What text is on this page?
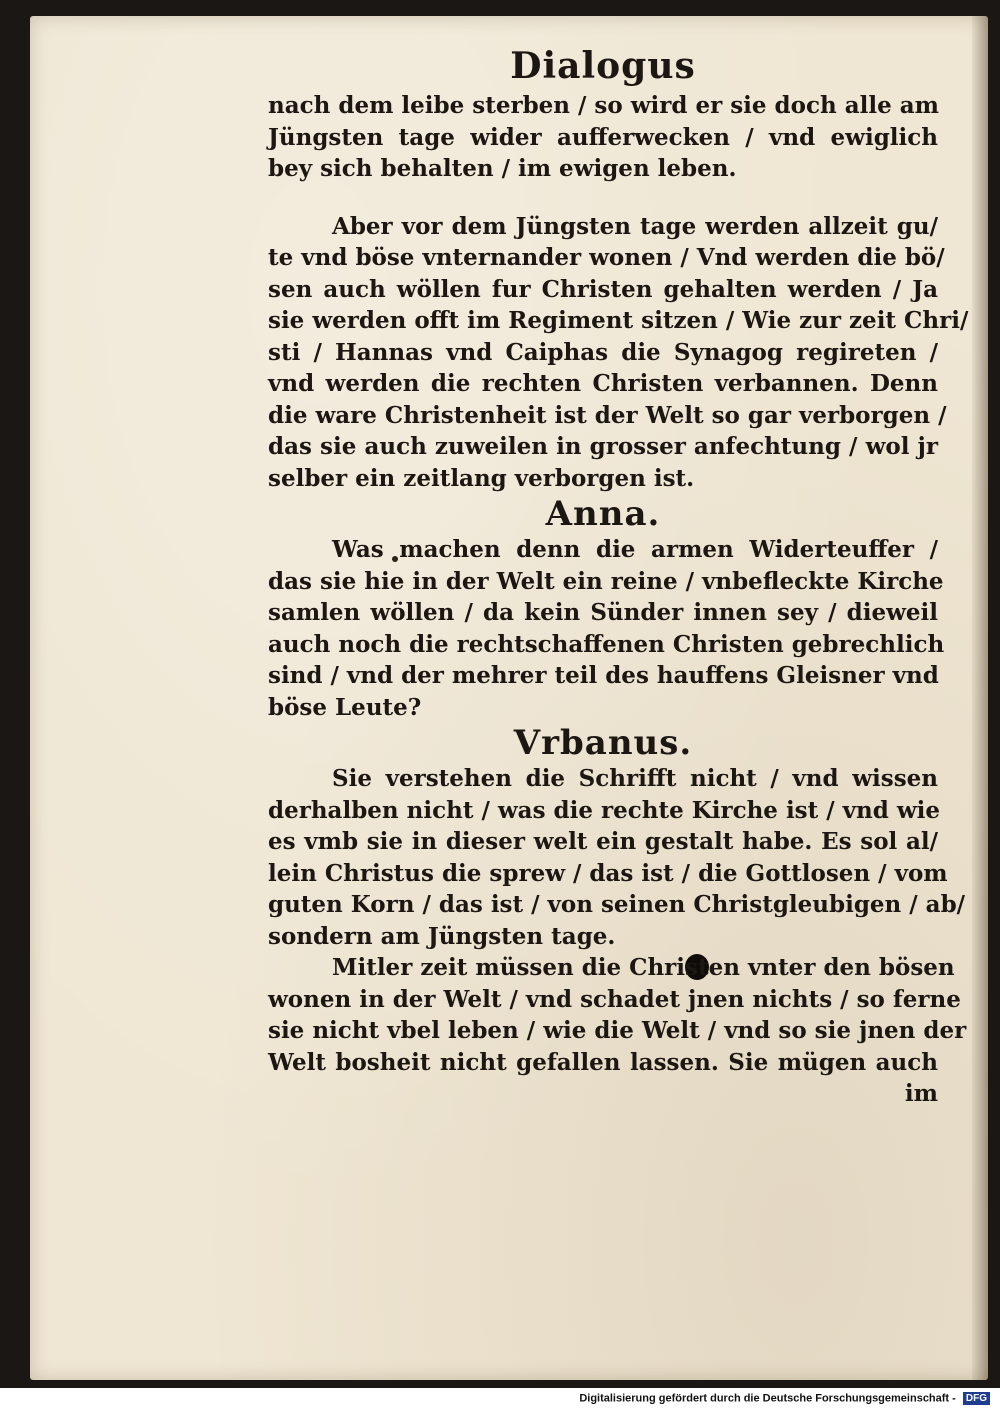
Dialogus
nach dem leibe sterben / so wird er sie doch alle am
Jüngsten tage wider aufferwecken / vnd ewiglich
bey sich behalten / im ewigen leben.
Aber vor dem Jüngsten tage werden allzeit gu/
te vnd böse vnternander wonen / Vnd werden die bö/
sen auch wöllen fur Christen gehalten werden / Ja
sie werden offt im Regiment sitzen / Wie zur zeit Chri/
sti / Hannas vnd Caiphas die Synagog regireten /
vnd werden die rechten Christen verbannen. Denn
die ware Christenheit ist der Welt so gar verborgen /
das sie auch zuweilen in grosser anfechtung / wol jr
selber ein zeitlang verborgen ist.
Anna.
Was machen denn die armen Widerteuffer /
das sie hie in der Welt ein reine / vnbefleckte Kirche
samlen wöllen / da kein Sünder innen sey / dieweil
auch noch die rechtschaffenen Christen gebrechlich
sind / vnd der mehrer teil des hauffens Gleisner vnd
böse Leute?
Vrbanus.
Sie verstehen die Schrifft nicht / vnd wissen
derhalben nicht / was die rechte Kirche ist / vnd wie
es vmb sie in dieser welt ein gestalt habe. Es sol al/
lein Christus die sprew / das ist / die Gottlosen / vom
guten Korn / das ist / von seinen Christgleubigen / ab/
sondern am Jüngsten tage.
Mitler zeit müssen die Christen vnter den bösen
wonen in der Welt / vnd schadet jnen nichts / so ferne
sie nicht vbel leben / wie die Welt / vnd so sie jnen der
Welt bosheit nicht gefallen lassen. Sie mügen auch
im
Digitalisierung gefördert durch die Deutsche Forschungsgemeinschaft - DFG
